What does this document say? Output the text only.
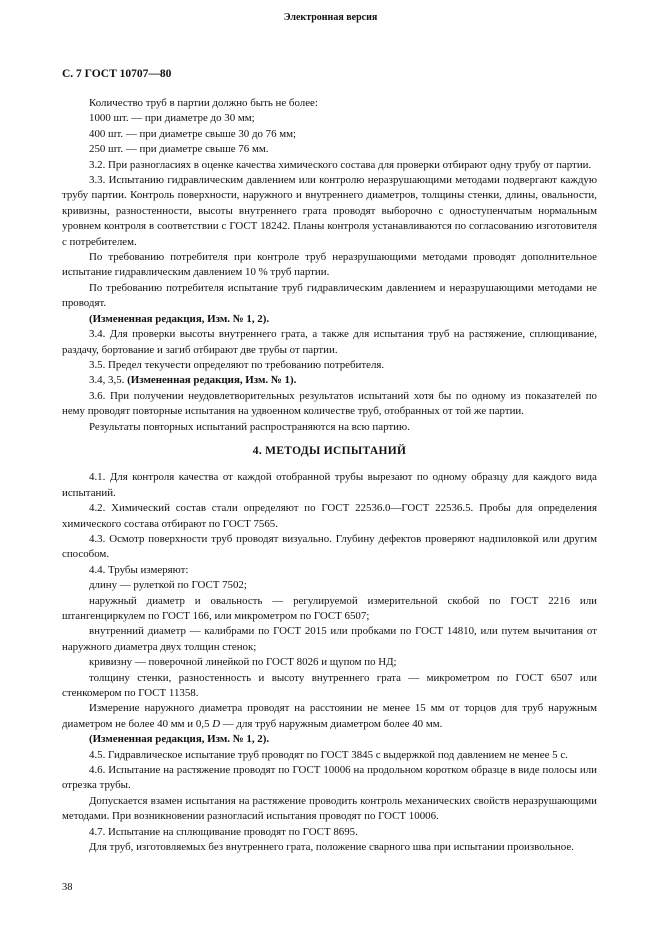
Электронная версия
С. 7 ГОСТ 10707—80

Количество труб в партии должно быть не более:

1000 шт. — при диаметре до 30 мм;

400 шт. — при диаметре свыше 30 до 76 мм;

250 шт. — при диаметре свыше 76 мм.

3.2. При разногласиях в оценке качества химического состава для проверки отбирают одну трубу от партии.

3.3. Испытанию гидравлическим давлением или контролю неразрушающими методами подвергают каждую трубу партии. Контроль поверхности, наружного и внутреннего диаметров, толщины стенки, длины, овальности, кривизны, разностенности, высоты внутреннего грата проводят выборочно с одноступенчатым нормальным уровнем контроля в соответствии с ГОСТ 18242. Планы контроля устанавливаются по согласованию изготовителя с потребителем.

По требованию потребителя при контроле труб неразрушающими методами проводят дополнительное испытание гидравлическим давлением 10 % труб партии.

По требованию потребителя испытание труб гидравлическим давлением и неразрушающими методами не проводят.

(Измененная редакция, Изм. № 1, 2).

3.4. Для проверки высоты внутреннего грата, а также для испытания труб на растяжение, сплющивание, раздачу, бортование и загиб отбирают две трубы от партии.

3.5. Предел текучести определяют по требованию потребителя.

3.4, 3,5. (Измененная редакция, Изм. № 1).

3.6. При получении неудовлетворительных результатов испытаний хотя бы по одному из показателей по нему проводят повторные испытания на удвоенном количестве труб, отобранных от той же партии.

Результаты повторных испытаний распространяются на всю партию.

4. МЕТОДЫ ИСПЫТАНИЙ

4.1. Для контроля качества от каждой отобранной трубы вырезают по одному образцу для каждого вида испытаний.

4.2. Химический состав стали определяют по ГОСТ 22536.0—ГОСТ 22536.5. Пробы для определения химического состава отбирают по ГОСТ 7565.

4.3. Осмотр поверхности труб проводят визуально. Глубину дефектов проверяют надпиловкой или другим способом.

4.4. Трубы измеряют:

длину — рулеткой по ГОСТ 7502;

наружный диаметр и овальность — регулируемой измерительной скобой по ГОСТ 2216 или штангенциркулем по ГОСТ 166, или микрометром по ГОСТ 6507;

внутренний диаметр — калибрами по ГОСТ 2015 или пробками по ГОСТ 14810, или путем вычитания от наружного диаметра двух толщин стенок;

кривизну — поверочной линейкой по ГОСТ 8026 и щупом по НД;

толщину стенки, разностенность и высоту внутреннего грата — микрометром по ГОСТ 6507 или стенкомером по ГОСТ 11358.

Измерение наружного диаметра проводят на расстоянии не менее 15 мм от торцов для труб наружным диаметром не более 40 мм и 0,5 D — для труб наружным диаметром более 40 мм.

(Измененная редакция, Изм. № 1, 2).

4.5. Гидравлическое испытание труб проводят по ГОСТ 3845 с выдержкой под давлением не менее 5 с.

4.6. Испытание на растяжение проводят по ГОСТ 10006 на продольном коротком образце в виде полосы или отрезка трубы.

Допускается взамен испытания на растяжение проводить контроль механических свойств неразрушающими методами. При возникновении разногласий испытания проводят по ГОСТ 10006.

4.7. Испытание на сплющивание проводят по ГОСТ 8695.

Для труб, изготовляемых без внутреннего грата, положение сварного шва при испытании произвольное.

38
